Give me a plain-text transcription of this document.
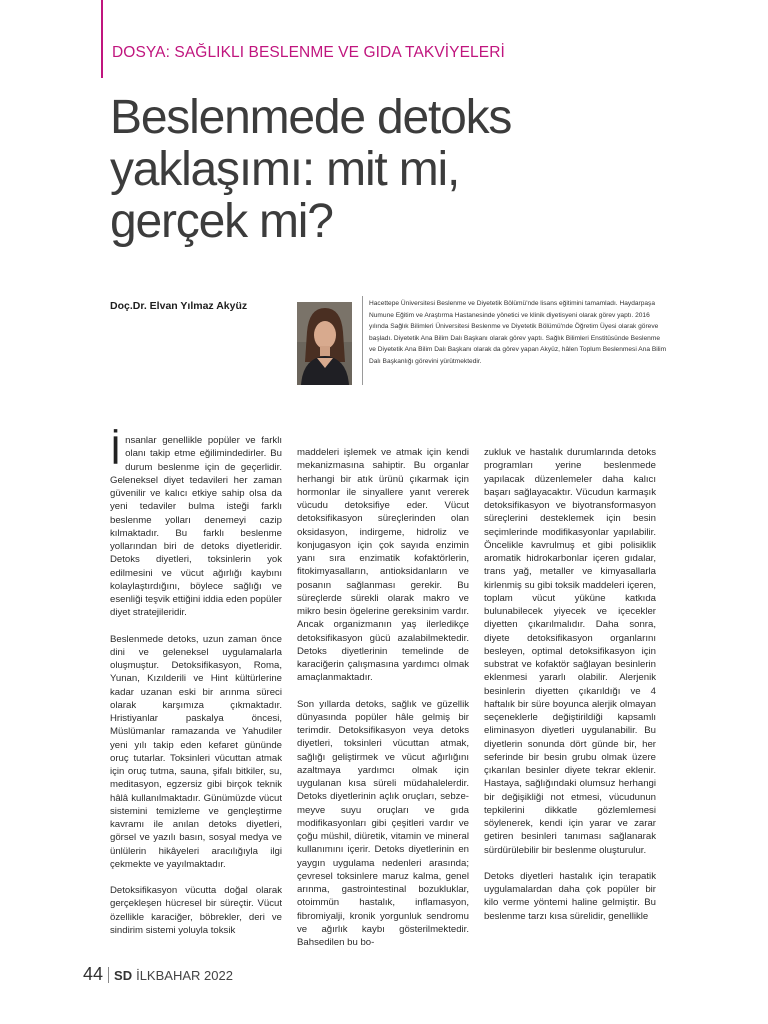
DOSYA: SAĞLIKLI BESLENME VE GIDA TAKVİYELERİ
Beslenmede detoks
yaklaşımı: mit mi,
gerçek mi?
Doç.Dr. Elvan Yılmaz Akyüz	Hacettepe Üniversitesi Beslenme ve Diyetetik Bölümü'nde lisans eğitimini tamamladı. Haydarpaşa Numune Eğitim ve Araştırma Hastanesinde yönetici ve klinik diyetisyeni olarak görev yaptı. 2016 yılında Sağlık Bilimleri Üniversitesi Beslenme ve Diyetetik Bölümü'nde Öğretim Üyesi olarak göreve başladı. Diyetetik Ana Bilim Dalı Başkanı olarak görev yaptı. Sağlık Bilimleri Enstitüsünde Beslenme ve Diyetetik Ana Bilim Dalı Başkanı olarak da görev yapan Akyüz, hâlen Toplum Beslenmesi Ana Bilim Dalı Başkanlığı görevini yürütmektedir.

İnsanlar genellikle popüler ve farklı olanı takip etme eğilimindedirler. Bu durum beslenme için de geçerlidir. Geleneksel diyet tedavileri her zaman güvenilir ve kalıcı etkiye sahip olsa da yeni tedaviler bulma isteği farklı beslenme yolları denemeyi cazip kılmaktadır. Bu farklı beslenme yollarından biri de detoks diyetleridir. Detoks diyetleri, toksinlerin yok edilmesini ve vücut ağırlığı kaybını kolaylaştırdığını, böylece sağlığı ve esenliği teşvik ettiğini iddia eden popüler diyet stratejileridir.

Beslenmede detoks, uzun zaman önce dini ve geleneksel uygulamalarla oluşmuştur. Detoksifikasyon, Roma, Yunan, Kızılderili ve Hint kültürlerine kadar uzanan eski bir arınma süreci olarak karşımıza çıkmaktadır. Hristiyanlar paskalya öncesi, Müslümanlar ramazanda ve Yahudiler yeni yılı takip eden kefaret gününde oruç tutarlar. Toksinleri vücuttan atmak için oruç tutma, sauna, şifalı bitkiler, su, meditasyon, egzersiz gibi birçok teknik hâlâ kullanılmaktadır. Günümüzde vücut sistemini temizleme ve gençleştirme kavramı ile anılan detoks diyetleri, görsel ve yazılı basın, sosyal medya ve ünlülerin hikâyeleri aracılığıyla ilgi çekmekte ve yayılmaktadır.

Detoksifikasyon vücutta doğal olarak gerçekleşen hücresel bir süreçtir. Vücut özellikle karaciğer, böbrekler, deri ve sindirim sistemi yoluyla toksik

maddeleri işlemek ve atmak için kendi mekanizmasına sahiptir. Bu organlar herhangi bir atık ürünü çıkarmak için hormonlar ile sinyallere yanıt vererek vücudu detoksifiye eder. Vücut detoksifikasyon süreçlerinden olan oksidasyon, indirgeme, hidroliz ve konjugasyon için çok sayıda enzimin yanı sıra enzimatik kofaktörlerin, fitokimyasalların, antioksidanların ve posanın sağlanması gerekir. Bu süreçlerde sürekli olarak makro ve mikro besin ögelerine gereksinim vardır. Ancak organizmanın yaş ilerledikçe detoksifikasyon gücü azalabilmektedir. Detoks diyetlerinin temelinde de karaciğerin çalışmasına yardımcı olmak amaçlanmaktadır.

Son yıllarda detoks, sağlık ve güzellik dünyasında popüler hâle gelmiş bir terimdir. Detoksifikasyon veya detoks diyetleri, toksinleri vücuttan atmak, sağlığı geliştirmek ve vücut ağırlığını azaltmaya yardımcı olmak için uygulanan kısa süreli müdahalelerdir. Detoks diyetlerinin açlık oruçları, sebze-meyve suyu oruçları ve gıda modifikasyonları gibi çeşitleri vardır ve çoğu müshil, diüretik, vitamin ve mineral kullanımını içerir. Detoks diyetlerinin en yaygın uygulama nedenleri arasında; çevresel toksinlere maruz kalma, genel arınma, gastrointestinal bozukluklar, otoimmün hastalık, inflamasyon, fibromiyalji, kronik yorgunluk sendromu ve ağırlık kaybı gösterilmektedir. Bahsedilen bu bo-

zukluk ve hastalık durumlarında detoks programları yerine beslenmede yapılacak düzenlemeler daha kalıcı başarı sağlayacaktır. Vücudun karmaşık detoksifikasyon ve biyotransformasyon süreçlerini desteklemek için besin seçimlerinde modifikasyonlar yapılabilir. Öncelikle kavrulmuş et gibi polisiklik aromatik hidrokarbonlar içeren gıdalar, trans yağ, metaller ve kimyasallarla kirlenmiş su gibi toksik maddeleri içeren, toplam vücut yüküne katkıda bulunabilecek yiyecek ve içecekler diyetten çıkarılmalıdır. Daha sonra, diyete detoksifikasyon organlarını besleyen, optimal detoksifikasyon için substrat ve kofaktör sağlayan besinlerin eklenmesi yararlı olabilir. Alerjenik besinlerin diyetten çıkarıldığı ve 4 haftalık bir süre boyunca alerjik olmayan seçeneklerle değiştirildiği kapsamlı eliminasyon diyetleri uygulanabilir. Bu diyetlerin sonunda dört günde bir, her seferinde bir besin grubu olmak üzere çıkarılan besinler diyete tekrar eklenir. Hastaya, sağlığındaki olumsuz herhangi bir değişikliği not etmesi, vücudunun tepkilerini dikkatle gözlemlemesi söylenerek, kendi için yarar ve zarar getiren besinleri tanıması sağlanarak sürdürülebilir bir beslenme oluşturulur.

Detoks diyetleri hastalık için terapatik uygulamalardan daha çok popüler bir kilo verme yöntemi haline gelmiştir. Bu beslenme tarzı kısa sürelidir, genellikle

44 SD İLKBAHAR 2022
